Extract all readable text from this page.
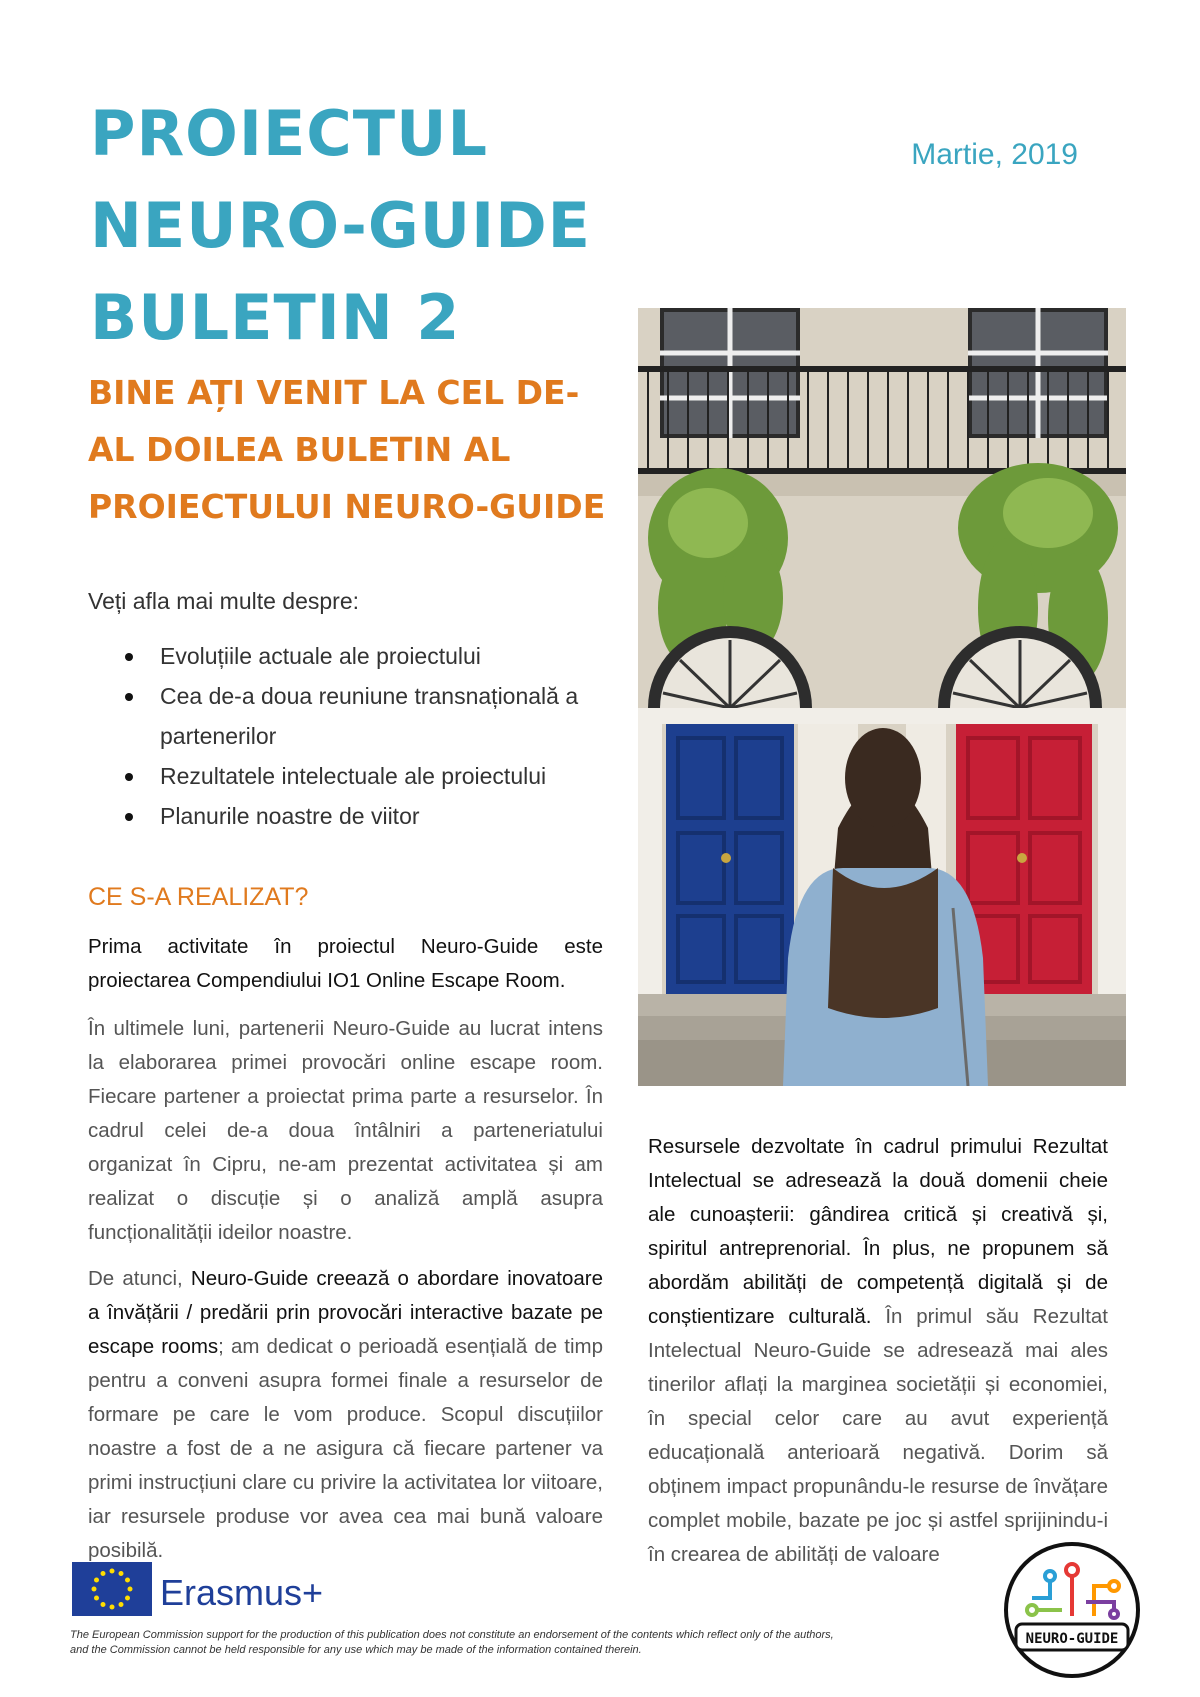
PROIECTUL
NEURO-GUIDE
BULETIN 2
Martie, 2019
BINE AȚI VENIT LA CEL DE-AL DOILEA BULETIN AL PROIECTULUI NEURO-GUIDE

Veți afla mai multe despre:

Evoluțiile actuale ale proiectului
Cea de-a doua reuniune transnațională a partenerilor
Rezultatele intelectuale ale proiectului
Planurile noastre de viitor
CE S-A REALIZAT?

Prima activitate în proiectul Neuro-Guide este proiectarea Compendiului IO1 Online Escape Room.

În ultimele luni, partenerii Neuro-Guide au lucrat intens la elaborarea primei provocări online escape room. Fiecare partener a proiectat prima parte a resurselor. În cadrul celei de-a doua întâlniri a parteneriatului organizat în Cipru, ne-am prezentat activitatea și am realizat o discuție și o analiză amplă asupra funcționalității ideilor noastre.

De atunci, Neuro-Guide creează o abordare inovatoare a învățării / predării prin provocări interactive bazate pe escape rooms; am dedicat o perioadă esențială de timp pentru a conveni asupra formei finale a resurselor de formare pe care le vom produce. Scopul discuțiilor noastre a fost de a ne asigura că fiecare partener va primi instrucțiuni clare cu privire la activitatea lor viitoare, iar resursele produse vor avea cea mai bună valoare posibilă.

Resursele dezvoltate în cadrul primului Rezultat Intelectual se adresează la două domenii cheie ale cunoașterii: gândirea critică și creativă și, spiritul antreprenorial. În plus, ne propunem să abordăm abilități de competență digitală și de conștientizare culturală. În primul său Rezultat Intelectual Neuro-Guide se adresează mai ales tinerilor aflați la marginea societății și economiei, în special celor care au avut experiență educațională anterioară negativă. Dorim să obținem impact propunându-le resurse de învățare complet mobile, bazate pe joc și astfel sprijinindu-i în crearea de abilități de valoare

Erasmus+

The European Commission support for the production of this publication does not constitute an endorsement of the contents which reflect only of the authors, and the Commission cannot be held responsible for any use which may be made of the information contained therein.

NEURO-GUIDE
